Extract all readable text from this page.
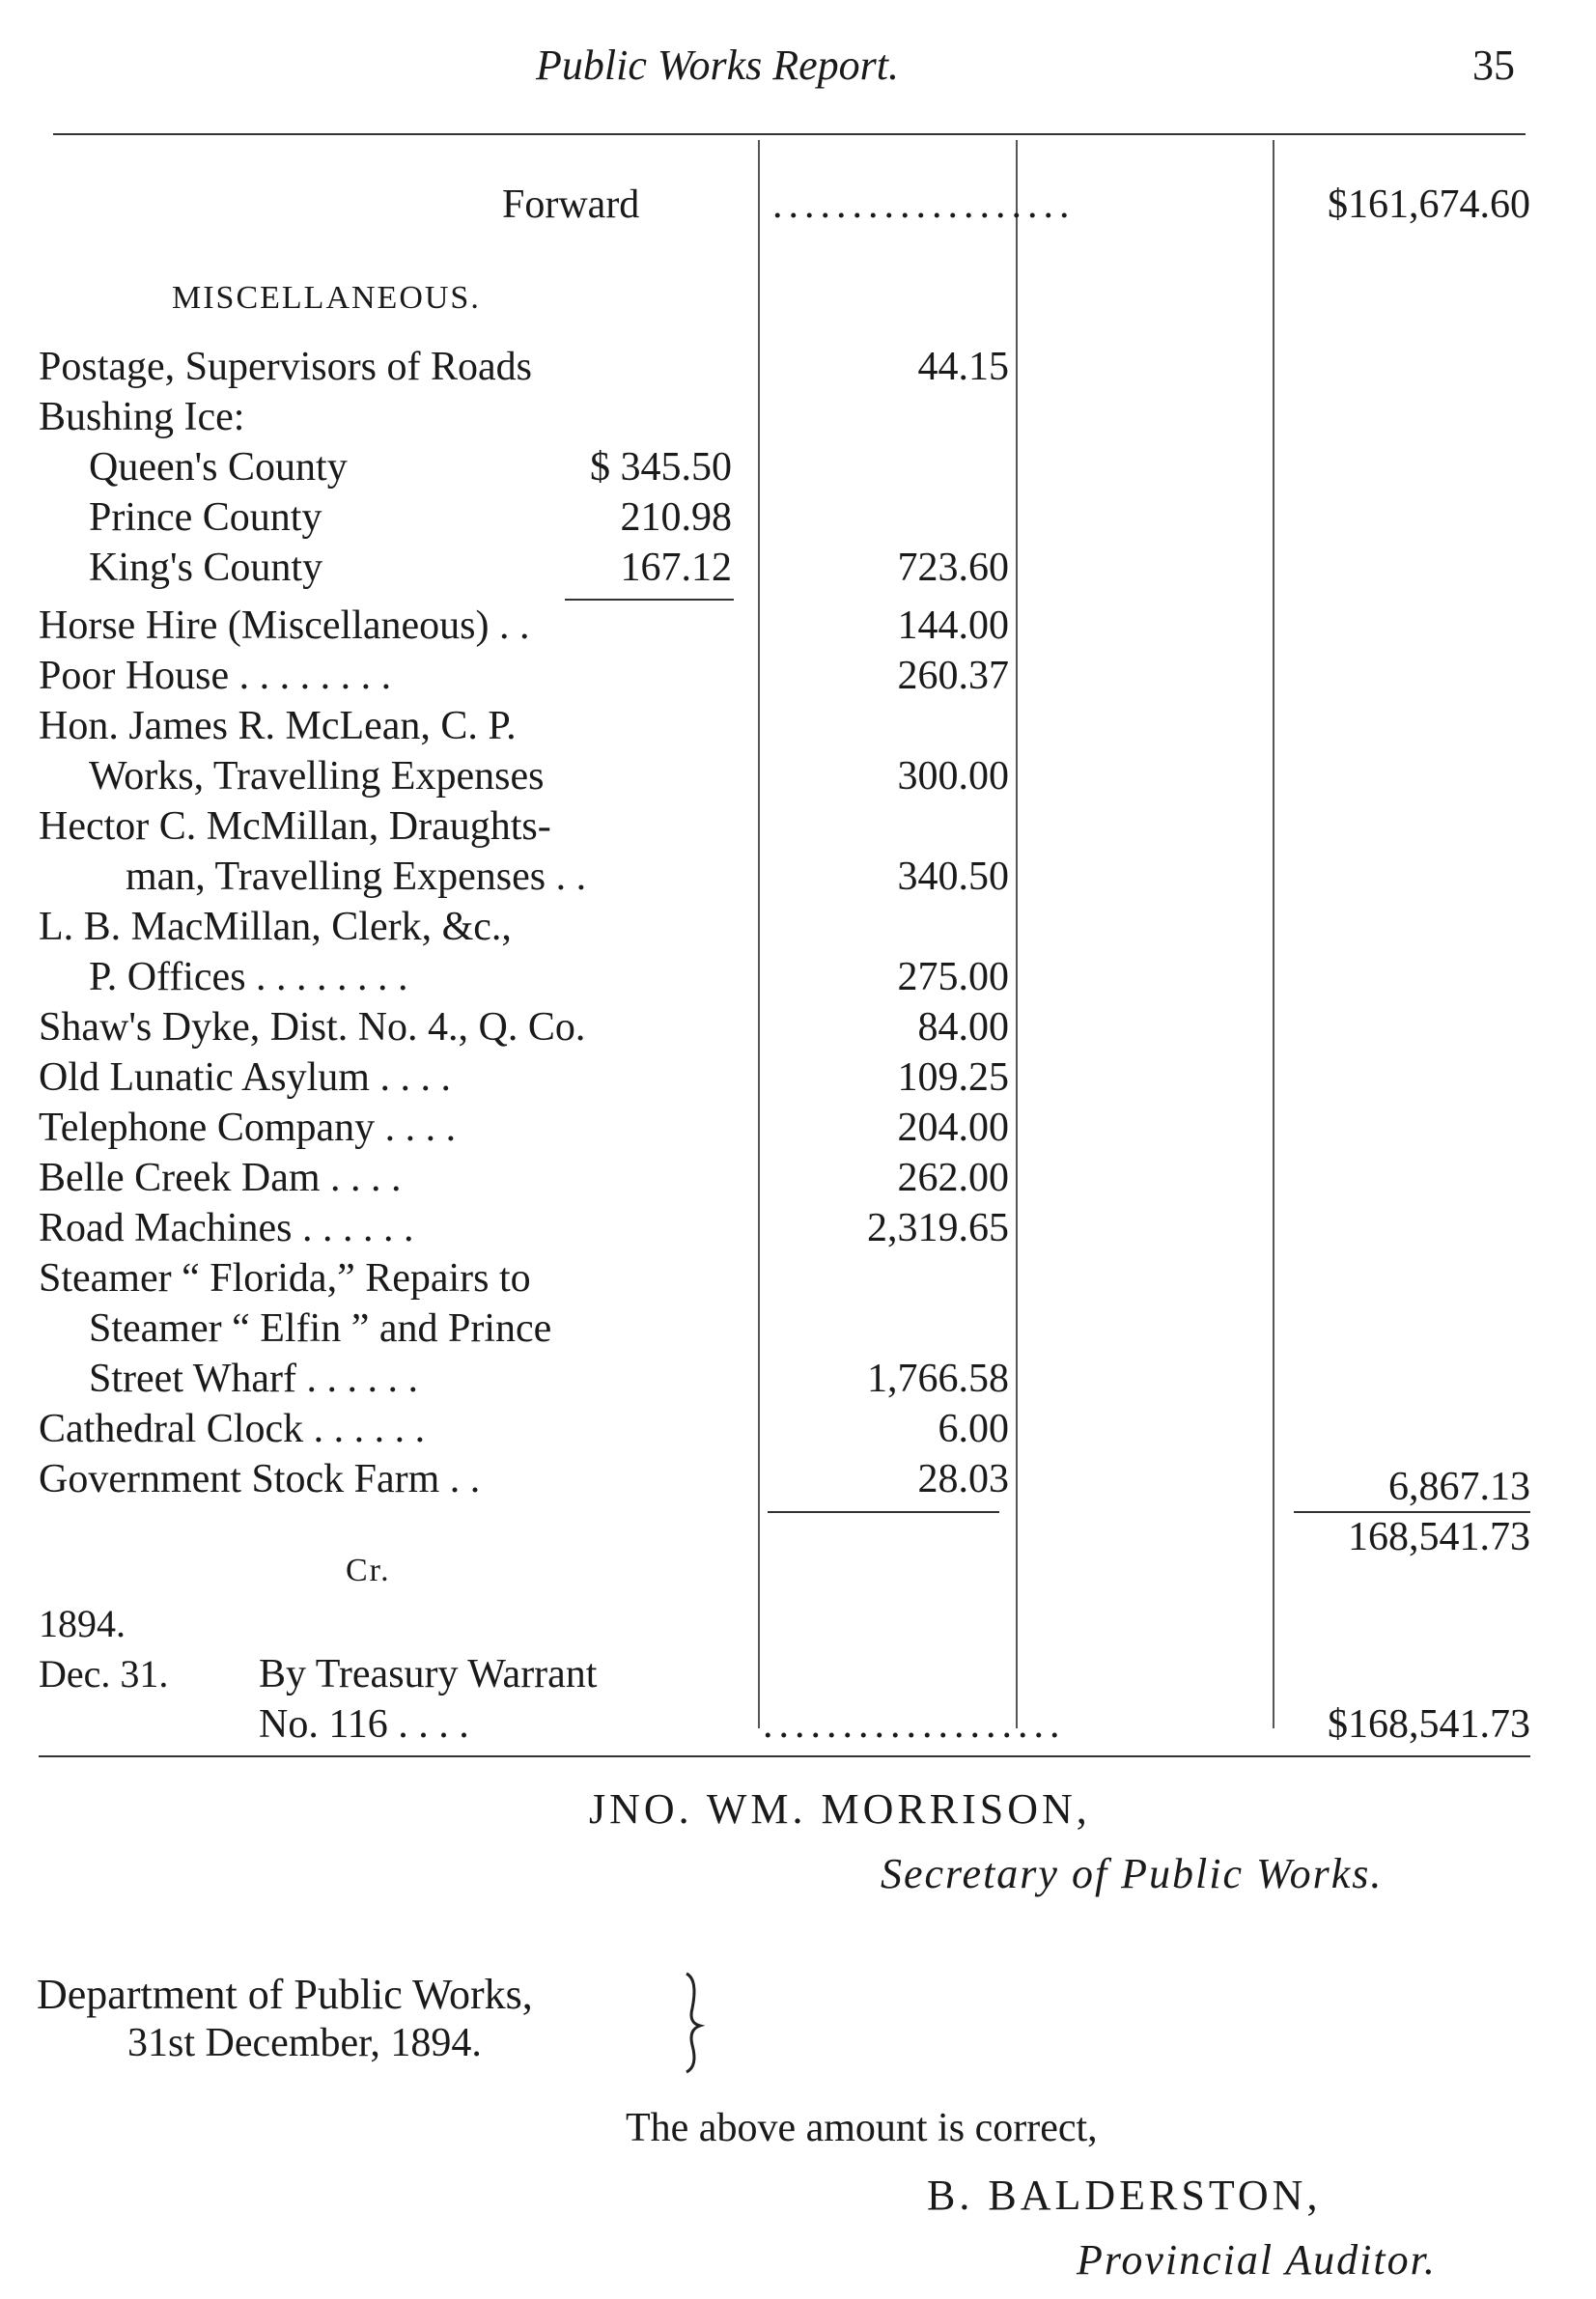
Public Works Report.	35
Forward	...................	$161,674.60
MISCELLANEOUS.
Postage, Supervisors of Roads	44.15
Bushing Ice:
Queen's County	$ 345.50
Prince County	210.98
King's County	167.12	723.60
Horse Hire (Miscellaneous) . .	144.00
Poor House . . . . . . . .	260.37
Hon. James R. McLean, C. P.
Works, Travelling Expenses	300.00
Hector C. McMillan, Draughts-
man, Travelling Expenses . .	340.50
L. B. MacMillan, Clerk, &c.,
P. Offices . . . . . . . .	275.00
Shaw's Dyke, Dist. No. 4., Q. Co.	84.00
Old Lunatic Asylum . . . .	109.25
Telephone Company . . . .	204.00
Belle Creek Dam . . . .	262.00
Road Machines . . . . . .	2,319.65
Steamer “ Florida,” Repairs to
Steamer “ Elfin ” and Prince
Street Wharf . . . . . .	1,766.58
Cathedral Clock . . . . . .	6.00
Government Stock Farm . .	28.03	6,867.13
168,541.73
Cr.
1894.
Dec. 31. By Treasury Warrant
No. 116 . . . .	...................	$168,541.73
JNO. WM. MORRISON,
Secretary of Public Works.
Department of Public Works,
31st December, 1894.
The above amount is correct,
B. BALDERSTON,
Provincial Auditor.
